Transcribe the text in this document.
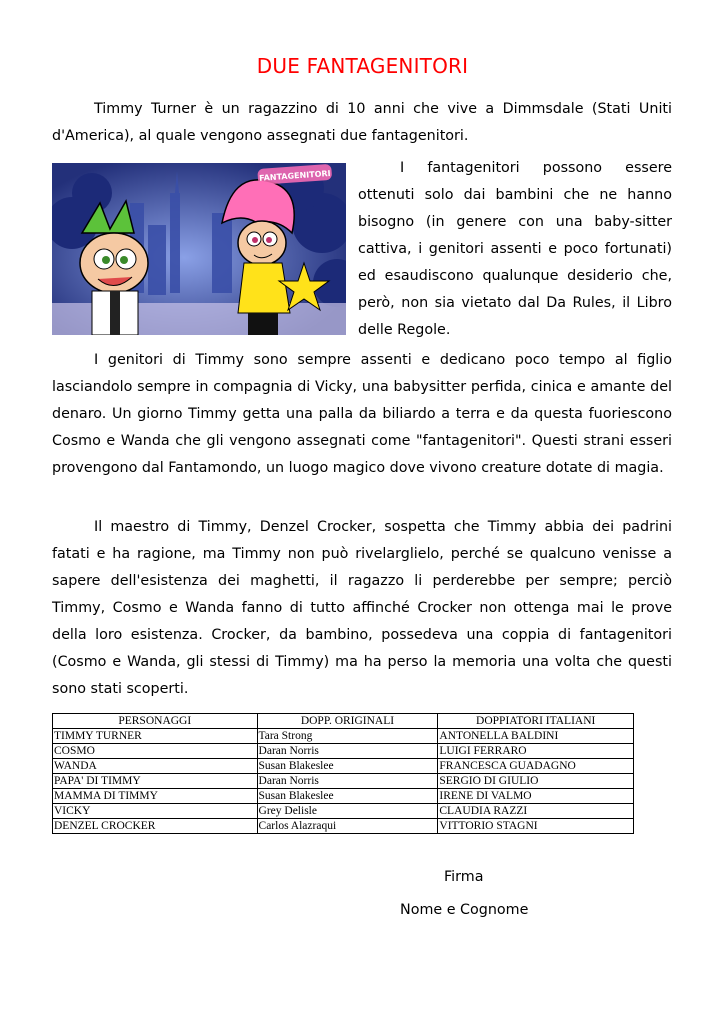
DUE FANTAGENITORI

Timmy Turner è un ragazzino di 10 anni che vive a Dimmsdale (Stati Uniti d'America), al quale vengono assegnati due fantagenitori.

FANTAGENITORI	I fantagenitori possono essere ottenuti solo dai bambini che ne hanno bisogno (in genere con una baby-sitter cattiva, i genitori assenti e poco fortunati) ed esaudiscono qualunque desiderio che, però, non sia vietato dal Da Rules, il Libro delle Regole.

I genitori di Timmy sono sempre assenti e dedicano poco tempo al figlio lasciandolo sempre in compagnia di Vicky, una babysitter perfida, cinica e amante del denaro. Un giorno Timmy getta una palla da biliardo a terra e da questa fuoriescono Cosmo e Wanda che gli vengono assegnati come "fantagenitori". Questi strani esseri provengono dal Fantamondo, un luogo magico dove vivono creature dotate di magia.

Il maestro di Timmy, Denzel Crocker, sospetta che Timmy abbia dei padrini fatati e ha ragione, ma Timmy non può rivelarglielo, perché se qualcuno venisse a sapere dell'esistenza dei maghetti, il ragazzo li perderebbe per sempre; perciò Timmy, Cosmo e Wanda fanno di tutto affinché Crocker non ottenga mai le prove della loro esistenza. Crocker, da bambino, possedeva una coppia di fantagenitori (Cosmo e Wanda, gli stessi di Timmy) ma ha perso la memoria una volta che questi sono stati scoperti.

PERSONAGGI	DOPP. ORIGINALI	DOPPIATORI ITALIANI
TIMMY TURNER	Tara Strong	ANTONELLA BALDINI
COSMO	Daran Norris	LUIGI FERRARO
WANDA	Susan Blakeslee	FRANCESCA GUADAGNO
PAPA' DI TIMMY	Daran Norris	SERGIO DI GIULIO
MAMMA DI TIMMY	Susan Blakeslee	IRENE DI VALMO
VICKY	Grey Delisle	CLAUDIA RAZZI
DENZEL CROCKER	Carlos Alazraqui	VITTORIO STAGNI
Firma
Nome e Cognome
